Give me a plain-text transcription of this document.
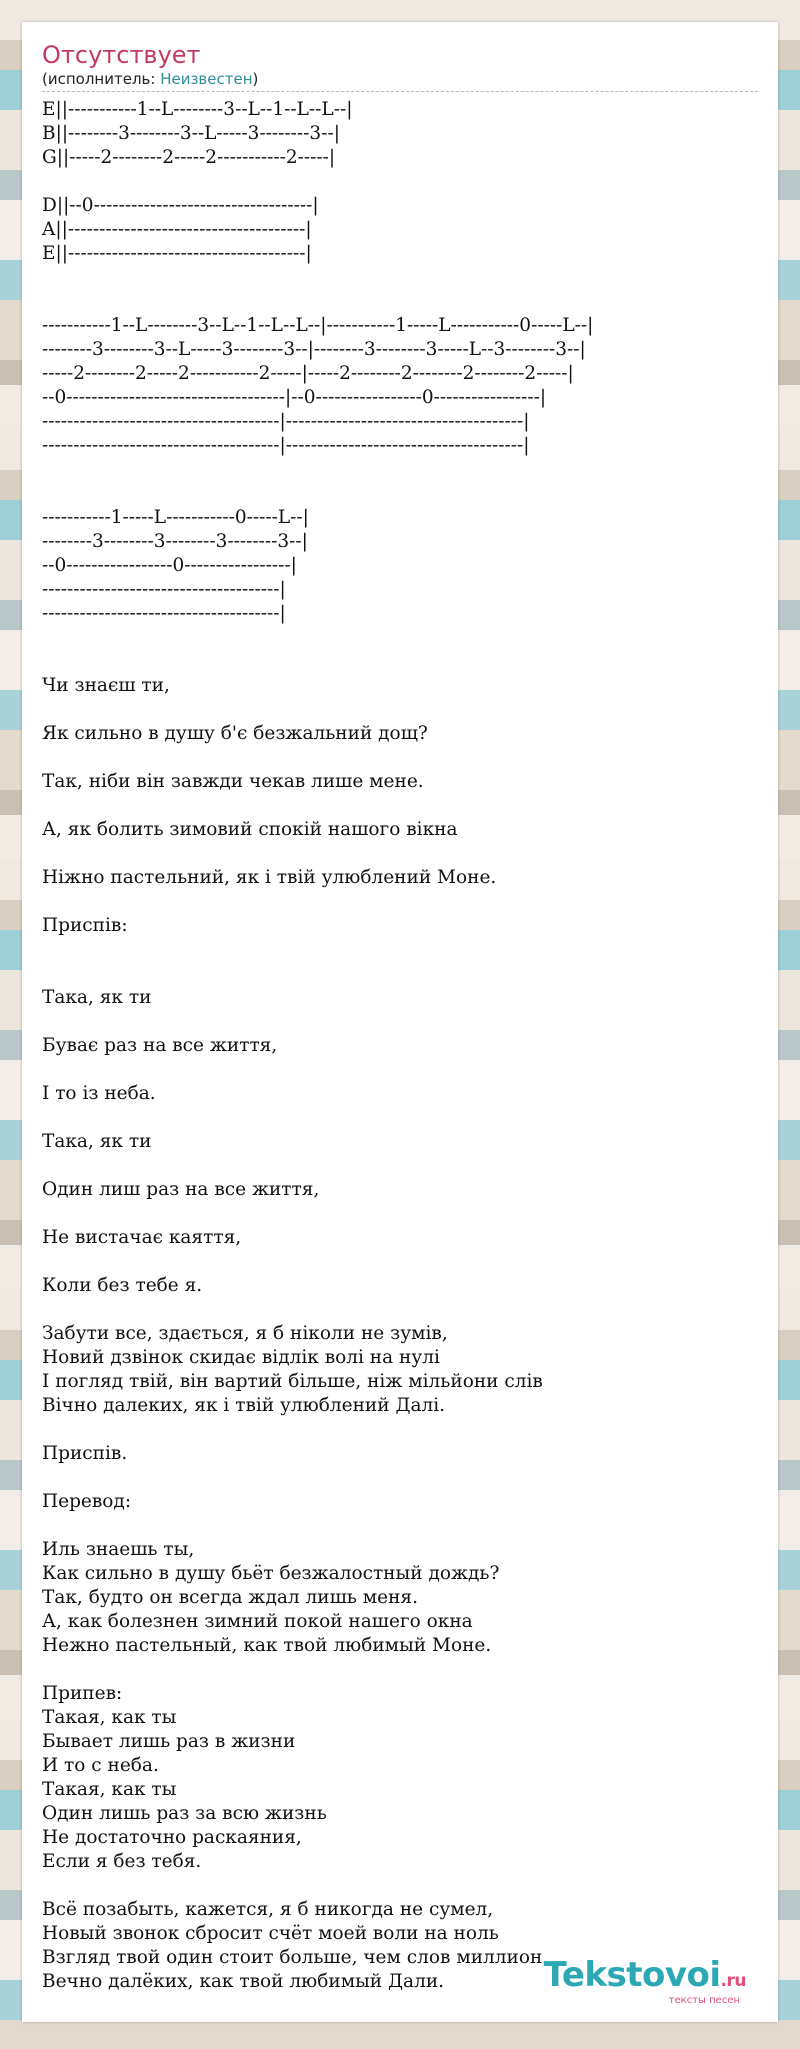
Отсутствует
(исполнитель: Неизвестен)
E||-----------1--L--------3--L--1--L--L--|
B||--------3--------3--L-----3--------3--|
G||-----2--------2-----2-----------2-----|

D||--0-----------------------------------|
A||--------------------------------------|
E||--------------------------------------|

-----------1--L--------3--L--1--L--L--|-----------1-----L-----------0-----L--|
--------3--------3--L-----3--------3--|--------3--------3-----L--3--------3--|
-----2--------2-----2-----------2-----|-----2--------2--------2--------2-----|
--0-----------------------------------|--0-----------------0-----------------|
--------------------------------------|--------------------------------------|
--------------------------------------|--------------------------------------|

-----------1-----L-----------0-----L--|
--------3--------3--------3--------3--|
--0-----------------0-----------------|
--------------------------------------|
--------------------------------------|

Чи знаєш ти,

Як сильно в душу б'є безжальний дощ?

Так, ніби він завжди чекав лише мене.

А, як болить зимовий спокій нашого вікна

Ніжно пастельний, як і твій улюблений Моне.

Приспів:

Така, як ти

Буває раз на все життя,

І то із неба.

Така, як ти

Один лиш раз на все життя,

Не вистачає каяття,

Коли без тебе я.

Забути все, здається, я б ніколи не зумів,
Новий дзвінок скидає відлік волі на нулі
І погляд твій, він вартий більше, ніж мільйони слів
Вічно далеких, як і твій улюблений Далі.

Приспів.

Перевод:

Иль знаешь ты,
Как сильно в душу бьёт безжалостный дождь?
Так, будто он всегда ждал лишь меня.
А, как болезнен зимний покой нашего окна
Нежно пастельный, как твой любимый Моне.

Припев:
Такая, как ты
Бывает лишь раз в жизни
И то с неба.
Такая, как ты
Один лишь раз за всю жизнь
Не достаточно раскаяния,
Если я без тебя.

Всё позабыть, кажется, я б никогда не сумел,
Новый звонок сбросит счёт моей воли на ноль
Взгляд твой один стоит больше, чем слов миллион
Вечно далёких, как твой любимый Дали.	Tekstovoi.ru
тексты песен
